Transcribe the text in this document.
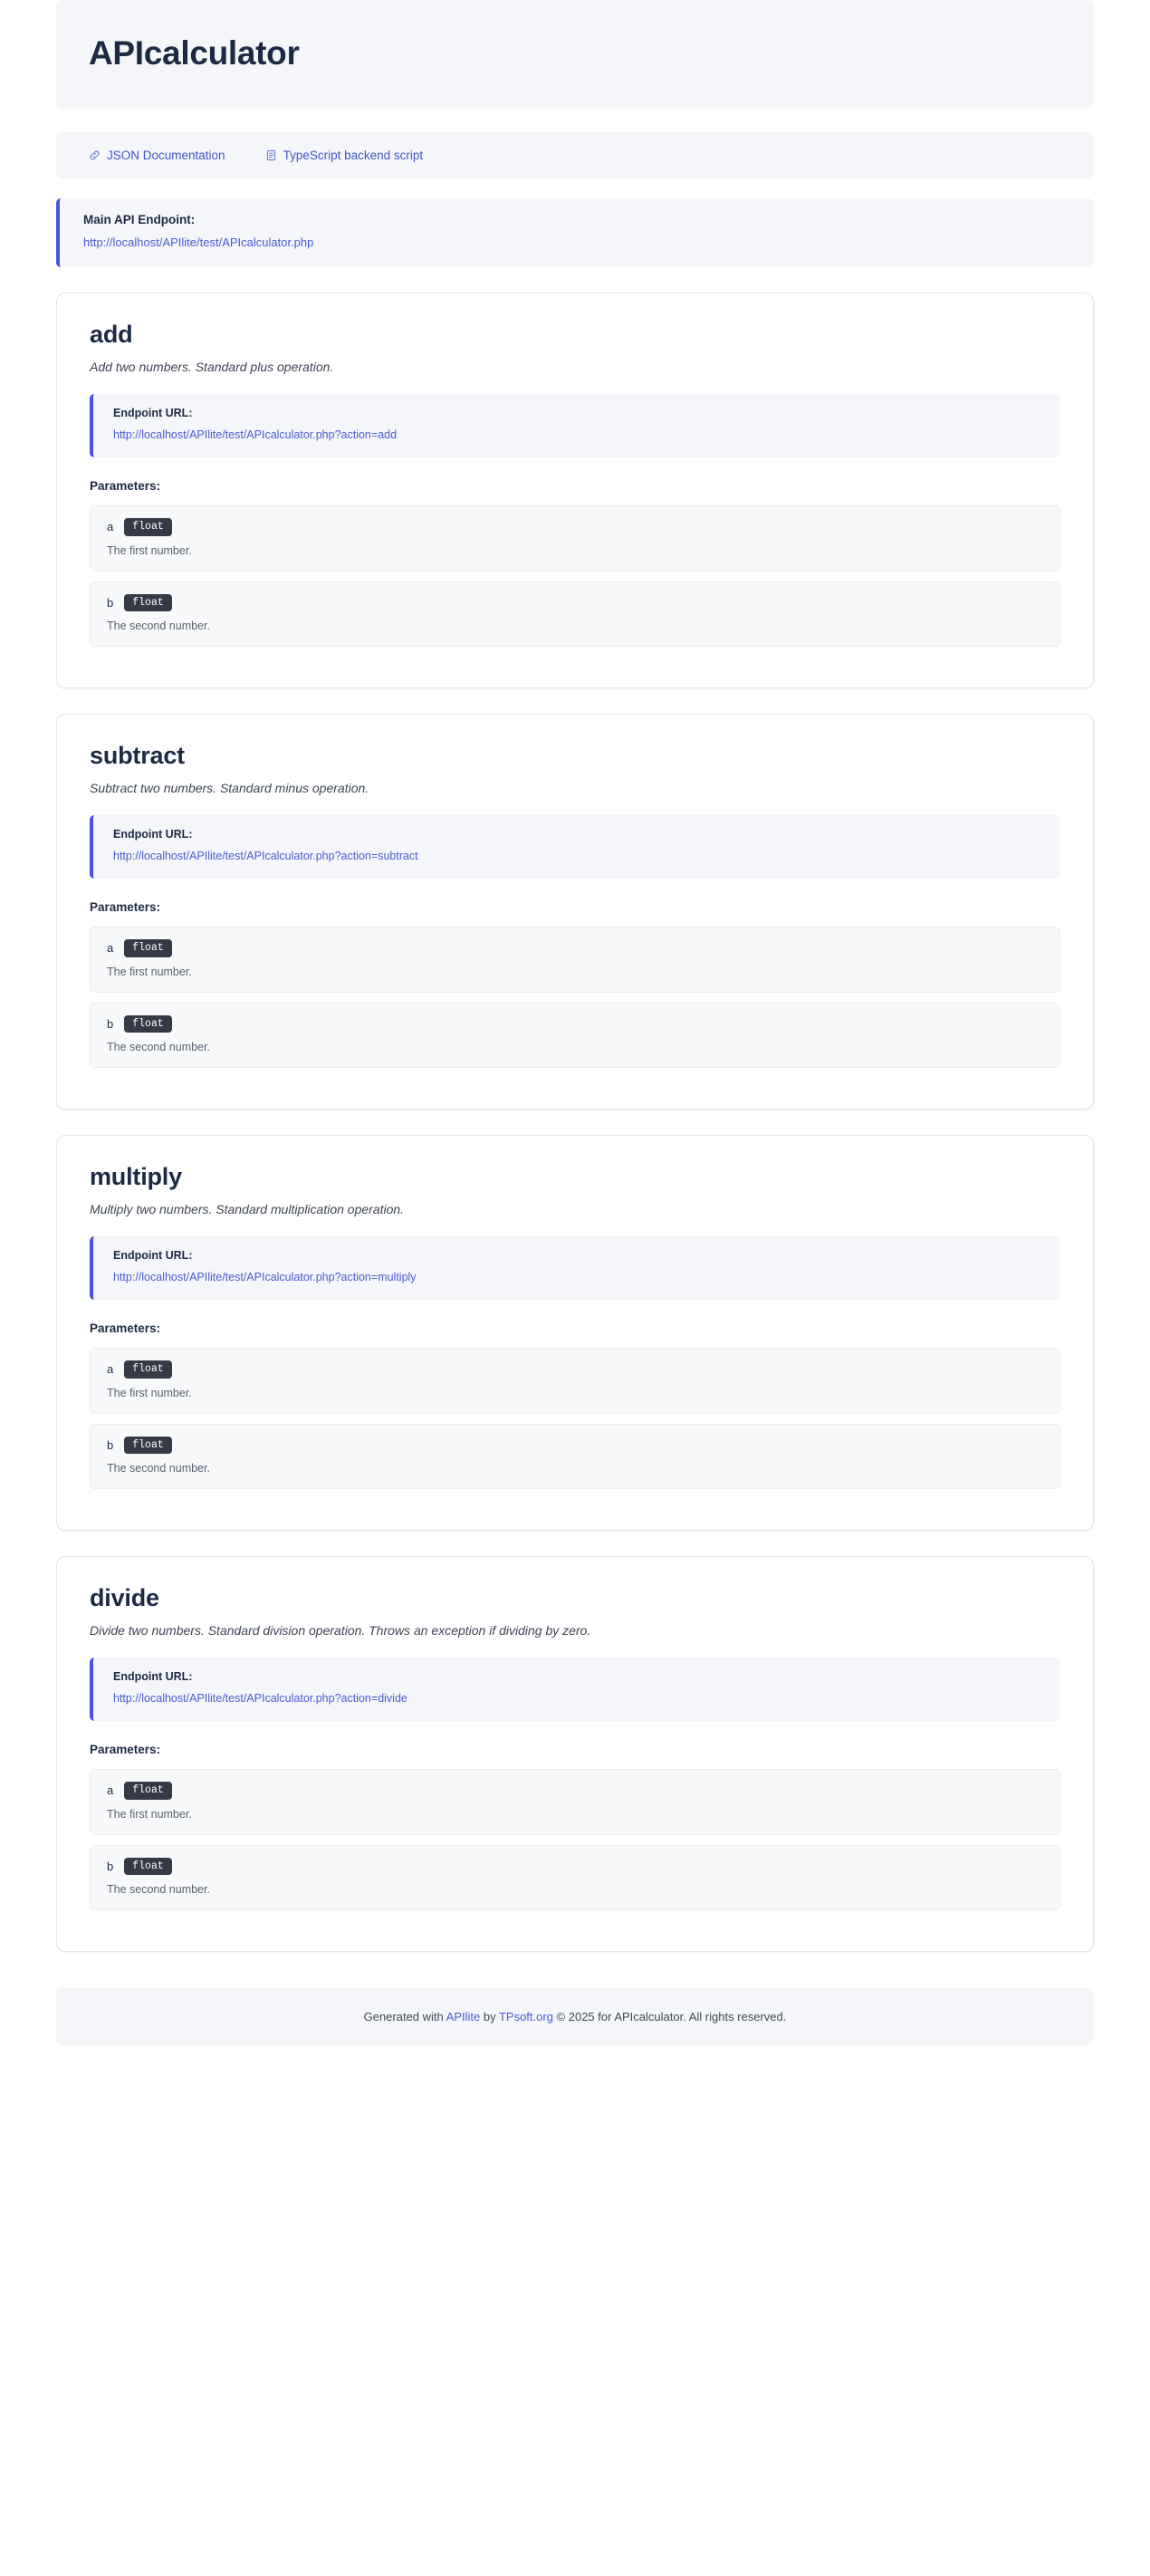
APIcalculator
JSON Documentation	TypeScript backend script
Main API Endpoint:
http://localhost/APIlite/test/APIcalculator.php
add

Add two numbers. Standard plus operation.

Endpoint URL:
http://localhost/APIlite/test/APIcalculator.php?action=add
Parameters:
a	float
The first number.
b	float
The second number.
subtract

Subtract two numbers. Standard minus operation.

Endpoint URL:
http://localhost/APIlite/test/APIcalculator.php?action=subtract
Parameters:
a	float
The first number.
b	float
The second number.
multiply

Multiply two numbers. Standard multiplication operation.

Endpoint URL:
http://localhost/APIlite/test/APIcalculator.php?action=multiply
Parameters:
a	float
The first number.
b	float
The second number.
divide

Divide two numbers. Standard division operation. Throws an exception if dividing by zero.

Endpoint URL:
http://localhost/APIlite/test/APIcalculator.php?action=divide
Parameters:
a	float
The first number.
b	float
The second number.
Generated with APIlite by TPsoft.org © 2025 for APIcalculator. All rights reserved.
